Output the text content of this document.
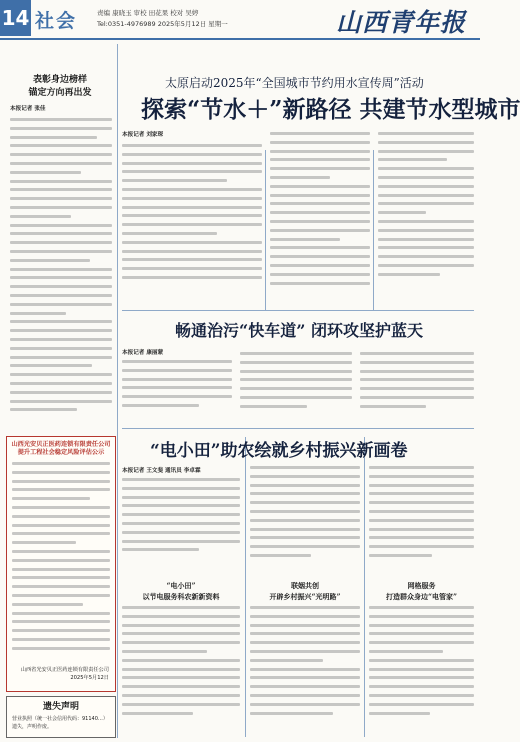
14 社会	责编 康晓玉 审校 田花果 校对 吴婷
Tel:0351-4976989 2025年5月12日 星期一	山西青年报
表彰身边榜样
锚定方向再出发
本报记者 张佳
山西光安贝正医药连锁有限责任公司
提升工程社会稳定风险评估公示
山西省光安贝正医药连锁有限责任公司
2025年5月12日
遗失声明
营业执照（统一社会信用代码：91140…）遗失，声明作废。
太原启动2025年“全国城市节约用水宣传周”活动
探索“节水＋”新路径 共建节水型城市
本报记者 刘家琛
畅通治污“快车道” 闭环攻坚护蓝天
本报记者 康丽蒙
“电小田”助农绘就乡村振兴新画卷
本报记者 王文斐 通讯员 李卓霖
“电小田”
以节电服务科农新新资料
联姻共创
开辟乡村振兴“光明路”
网格服务
打造群众身边“电管家”
